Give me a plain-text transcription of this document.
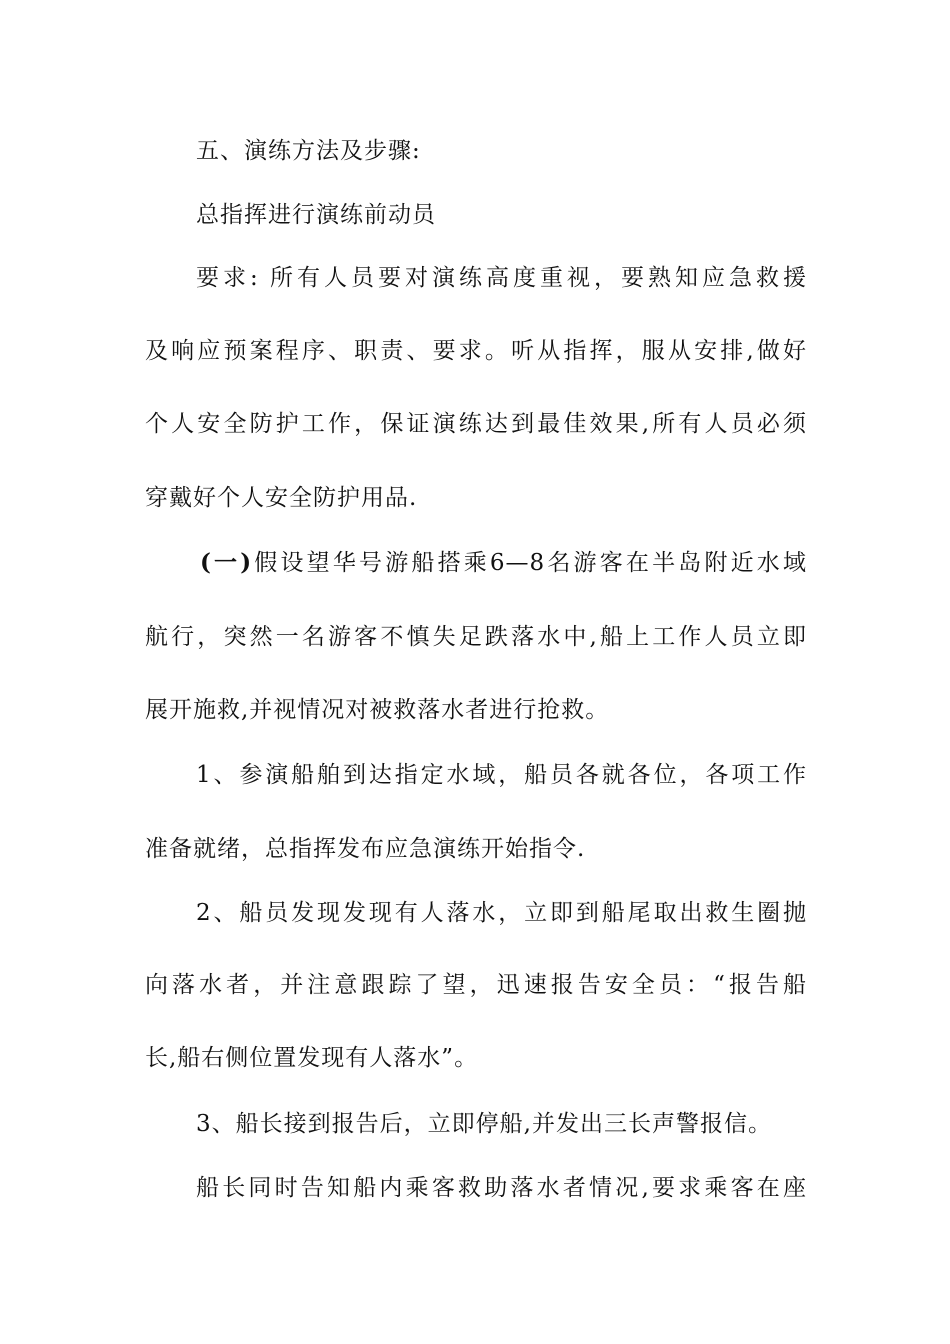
五、演练方法及步骤:
总指挥进行演练前动员
要求: 所有人员要对演练高度重视，要熟知应急救援
及响应预案程序、职责、要求。听从指挥，服从安排,做好
个人安全防护工作，保证演练达到最佳效果,所有人员必须
穿戴好个人安全防护用品.
(一)假设望华号游船搭乘6—8名游客在半岛附近水域
航行，突然一名游客不慎失足跌落水中,船上工作人员立即
展开施救,并视情况对被救落水者进行抢救。
1、参演船舶到达指定水域，船员各就各位，各项工作
准备就绪，总指挥发布应急演练开始指令.
2、船员发现发现有人落水，立即到船尾取出救生圈抛
向落水者，并注意跟踪了望，迅速报告安全员：“报告船
长,船右侧位置发现有人落水”。
3、船长接到报告后，立即停船,并发出三长声警报信。
船长同时告知船内乘客救助落水者情况,要求乘客在座
